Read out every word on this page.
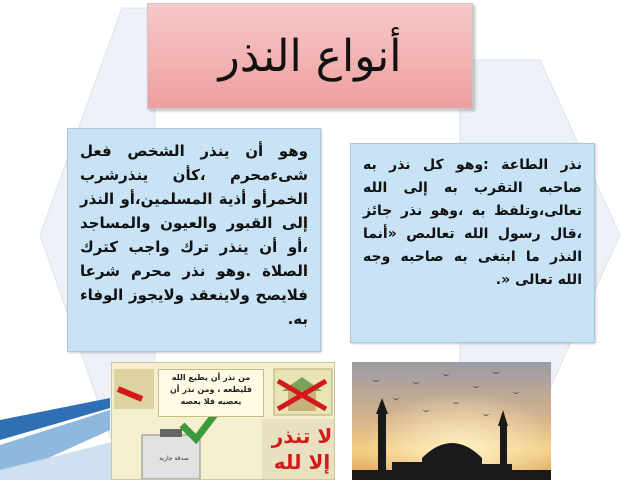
أنواع النذر
وهو أن ينذر الشخص فعل شىءمحرم ،كأن ينذرشرب الخمرأو أذية المسلمين،أو النذر إلى القبور والعيون والمساجد ،أو أن ينذر ترك واجب كترك الصلاة .وهو نذر محرم شرعا فلايصح ولاينعقد ولايجوز الوفاء به.
نذر الطاعة :وهو كل نذر به صاحبه التقرب به إلى الله تعالى،وتلفظ به ،وهو نذر جائز ،قال رسول الله تعالىص «أنما النذر ما ابتغى به صاحبه وجه الله تعالى «.
من نذر أن يطيع الله فليطعه ، ومن نذر أن يعصيه فلا يعصه
لا تنذر إلا لله
صدقة جارية
